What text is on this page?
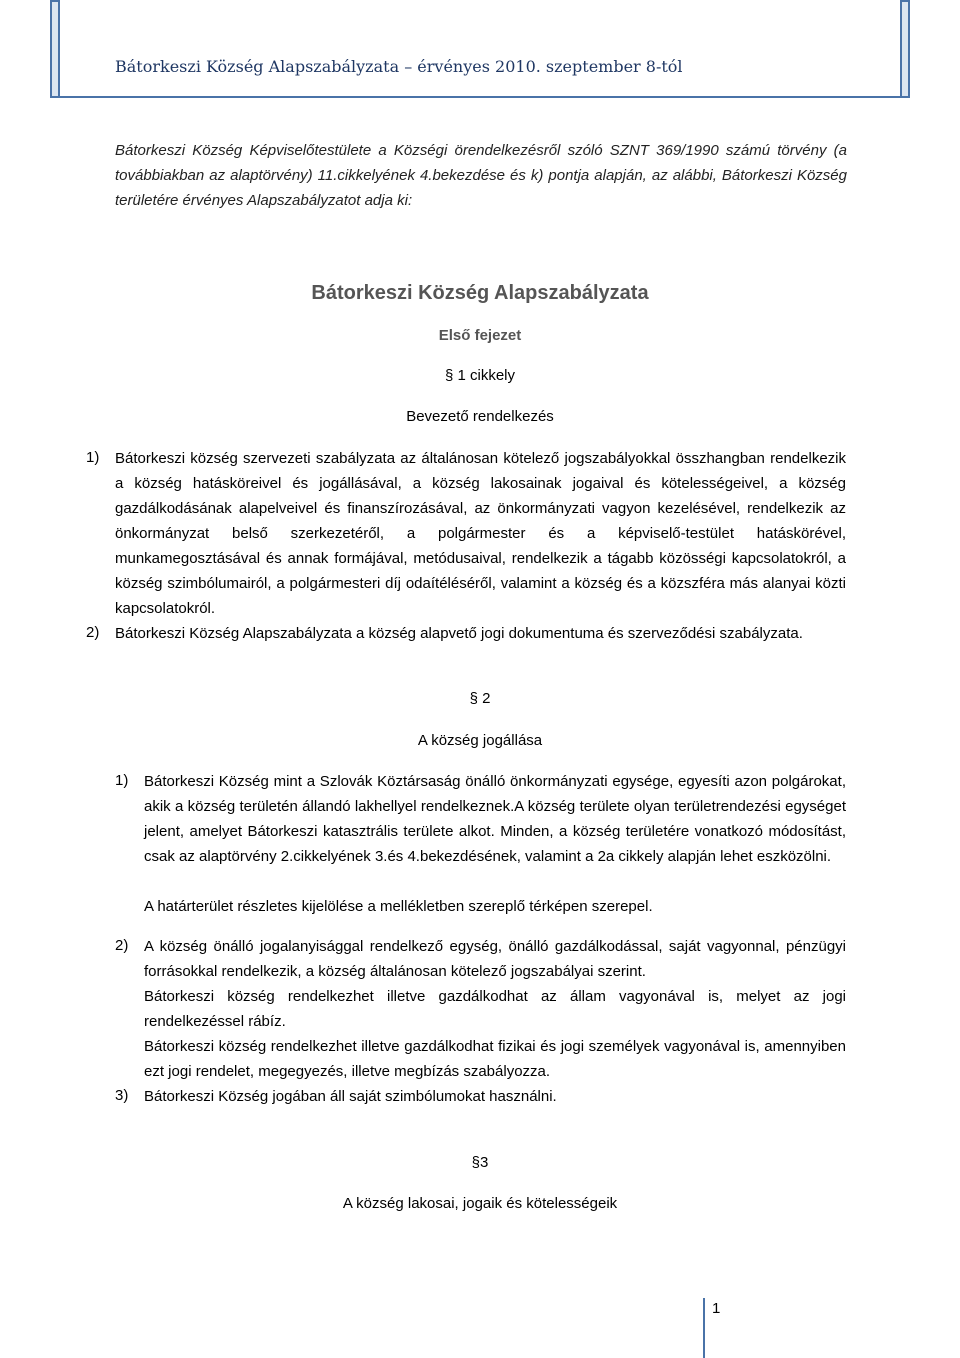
Bátorkeszi Község Alapszabályzata – érvényes 2010. szeptember 8-tól

Bátorkeszi Község Képviselőtestülete a Községi örendelkezésről szóló SZNT 369/1990 számú törvény (a továbbiakban az alaptörvény) 11.cikkelyének 4.bekezdése és k) pontja alapján, az alábbi, Bátorkeszi Község területére érvényes Alapszabályzatot adja ki:

Bátorkeszi Község Alapszabályzata
Első fejezet
§ 1 cikkely
Bevezető rendelkezés
1) Bátorkeszi község szervezeti szabályzata az általánosan kötelező jogszabályokkal összhangban rendelkezik a község hatásköreivel és jogállásával, a község lakosainak jogaival és kötelességeivel, a község gazdálkodásának alapelveivel és finanszírozásával, az önkormányzati vagyon kezelésével, rendelkezik az önkormányzat belső szerkezetéről, a polgármester és a képviselő-testület hatáskörével, munkamegosztásával és annak formájával, metódusaival, rendelkezik a tágabb közösségi kapcsolatokról, a község szimbólumairól, a polgármesteri díj odaítéléséről, valamint a község és a közszféra más alanyai közti kapcsolatokról.

2) Bátorkeszi Község Alapszabályzata a község alapvető jogi dokumentuma és szerveződési szabályzata.

§ 2
A község jogállása
1) Bátorkeszi Község mint a Szlovák Köztársaság önálló önkormányzati egysége, egyesíti azon polgárokat, akik a község területén állandó lakhellyel rendelkeznek.A község területe olyan területrendezési egységet jelent, amelyet Bátorkeszi katasztrális területe alkot. Minden, a község területére vonatkozó módosítást, csak az alaptörvény 2.cikkelyének 3.és 4.bekezdésének, valamint a 2a cikkely alapján lehet eszközölni.

A határterület részletes kijelölése a mellékletben szereplő térképen szerepel.

2) A község önálló jogalanyisággal rendelkező egység, önálló gazdálkodással, saját vagyonnal, pénzügyi forrásokkal rendelkezik, a község általánosan kötelező jogszabályai szerint.

Bátorkeszi község rendelkezhet illetve gazdálkodhat az állam vagyonával is, melyet az jogi rendelkezéssel rábíz.

Bátorkeszi község rendelkezhet illetve gazdálkodhat fizikai és jogi személyek vagyonával is, amennyiben ezt jogi rendelet, megegyezés, illetve megbízás szabályozza.

3) Bátorkeszi Község jogában áll saját szimbólumokat használni.

§3
A község lakosai, jogaik és kötelességeik
1
